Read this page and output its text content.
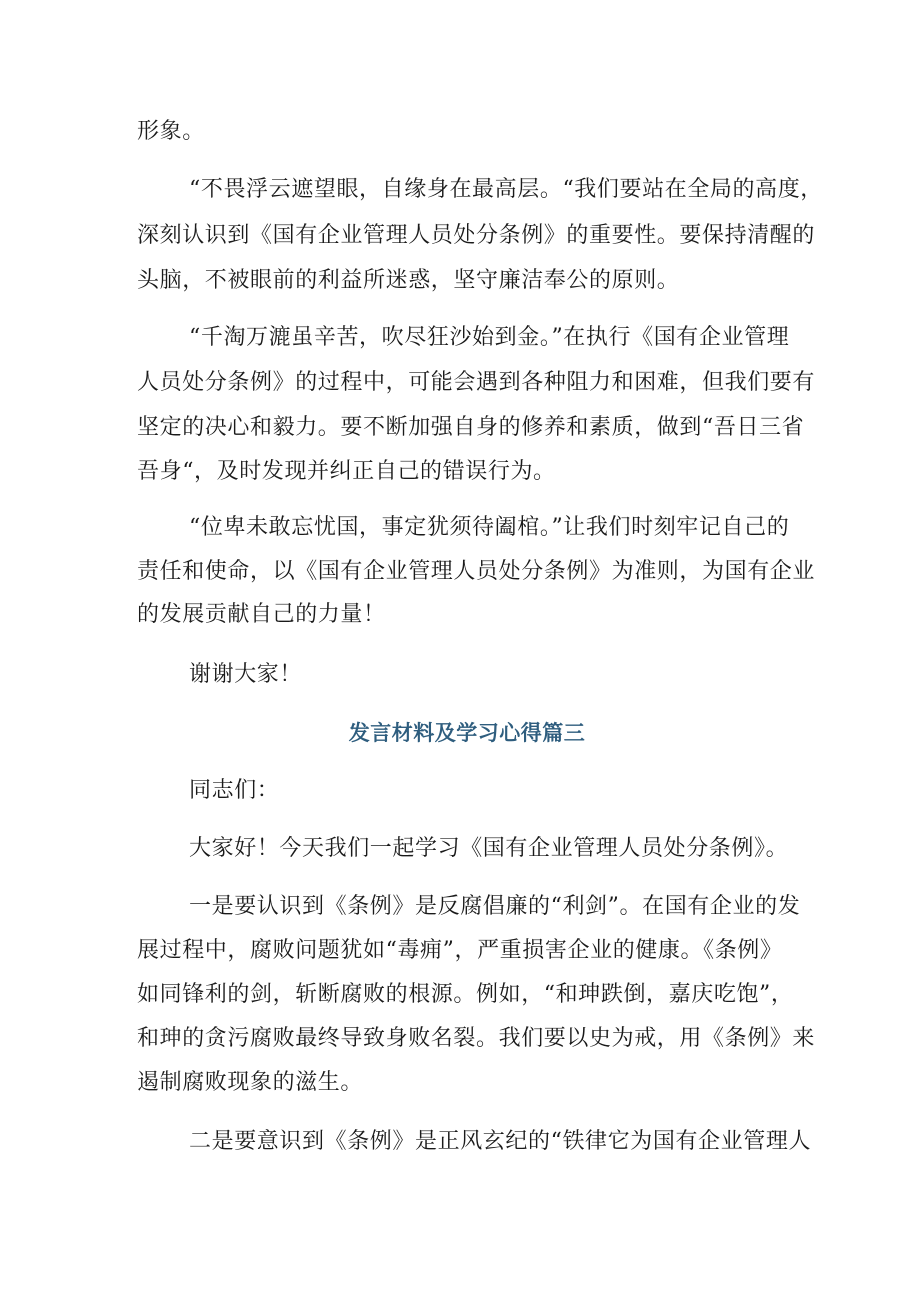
形象。
“不畏浮云遮望眼，自缘身在最高层。“我们要站在全局的高度，
深刻认识到《国有企业管理人员处分条例》的重要性。要保持清醒的
头脑，不被眼前的利益所迷惑，坚守廉洁奉公的原则。
“千淘万漉虽辛苦，吹尽狂沙始到金。”在执行《国有企业管理
人员处分条例》的过程中，可能会遇到各种阻力和困难，但我们要有
坚定的决心和毅力。要不断加强自身的修养和素质，做到“吾日三省
吾身“，及时发现并纠正自己的错误行为。
“位卑未敢忘忧国，事定犹须待阖棺。”让我们时刻牢记自己的
责任和使命，以《国有企业管理人员处分条例》为准则，为国有企业
的发展贡献自己的力量！
谢谢大家！
发言材料及学习心得篇三
同志们：
大家好！今天我们一起学习《国有企业管理人员处分条例》。
一是要认识到《条例》是反腐倡廉的“利剑”。在国有企业的发
展过程中，腐败问题犹如“毒痈”，严重损害企业的健康。《条例》
如同锋利的剑，斩断腐败的根源。例如，“和珅跌倒，嘉庆吃饱”，
和珅的贪污腐败最终导致身败名裂。我们要以史为戒，用《条例》来
遏制腐败现象的滋生。
二是要意识到《条例》是正风玄纪的“铁律它为国有企业管理人
